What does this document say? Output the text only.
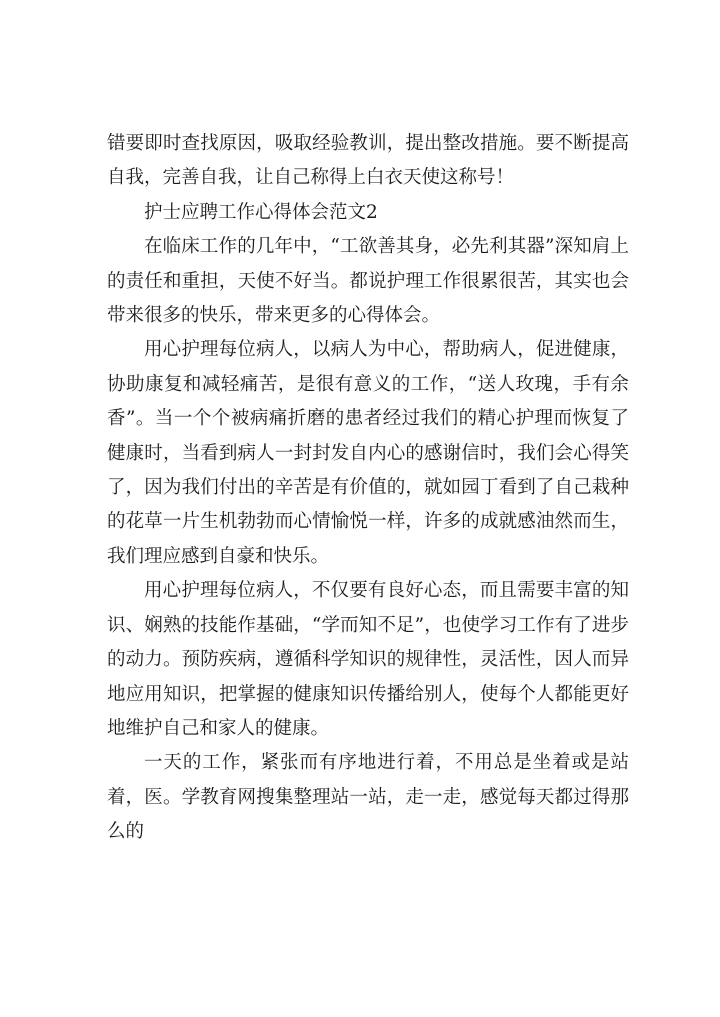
错要即时查找原因，吸取经验教训，提出整改措施。要不断提高自我，完善自我，让自己称得上白衣天使这称号！

护士应聘工作心得体会范文2

在临床工作的几年中，“工欲善其身，必先利其器”深知肩上的责任和重担，天使不好当。都说护理工作很累很苦，其实也会带来很多的快乐，带来更多的心得体会。

用心护理每位病人，以病人为中心，帮助病人，促进健康，协助康复和减轻痛苦，是很有意义的工作，“送人玫瑰，手有余香”。当一个个被病痛折磨的患者经过我们的精心护理而恢复了健康时，当看到病人一封封发自内心的感谢信时，我们会心得笑了，因为我们付出的辛苦是有价值的，就如园丁看到了自己栽种的花草一片生机勃勃而心情愉悦一样，许多的成就感油然而生，我们理应感到自豪和快乐。

用心护理每位病人，不仅要有良好心态，而且需要丰富的知识、娴熟的技能作基础，“学而知不足”，也使学习工作有了进步的动力。预防疾病，遵循科学知识的规律性，灵活性，因人而异地应用知识，把掌握的健康知识传播给别人，使每个人都能更好地维护自己和家人的健康。

一天的工作，紧张而有序地进行着，不用总是坐着或是站着，医。学教育网搜集整理站一站，走一走，感觉每天都过得那么的
